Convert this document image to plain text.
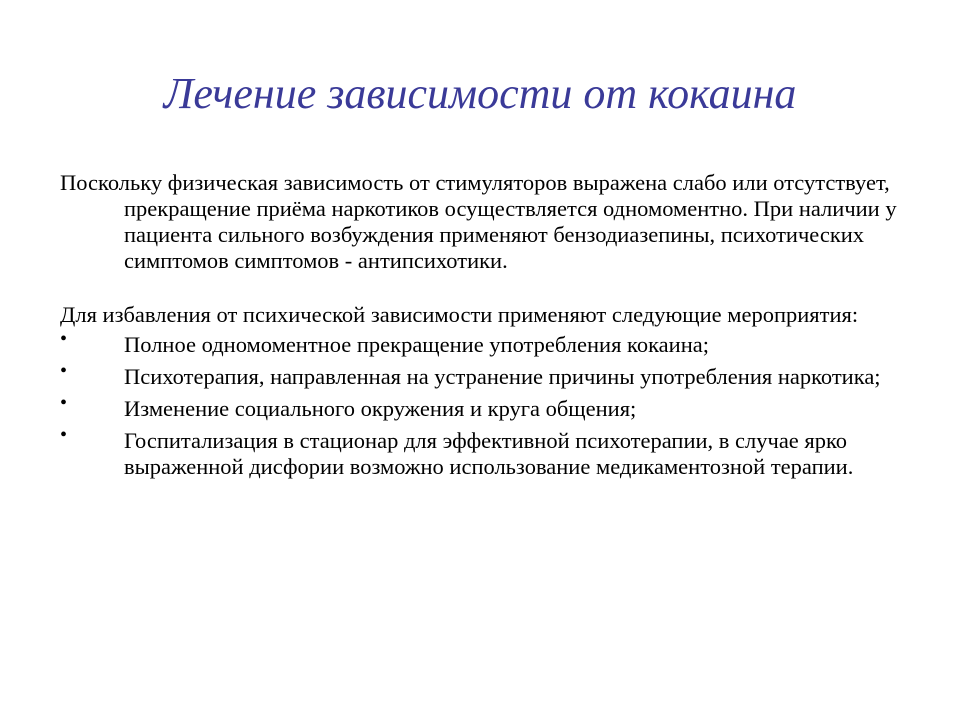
Лечение зависимости от кокаина

Поскольку физическая зависимость от стимуляторов выражена слабо или отсутствует, прекращение приёма наркотиков осуществляется одномоментно. При наличии у пациента сильного возбуждения применяют бензодиазепины, психотических симптомов симптомов - антипсихотики.

Для избавления от психической зависимости применяют следующие мероприятия:

•	Полное одномоментное прекращение употребления кокаина;
•	Психотерапия, направленная на устранение причины употребления наркотика;
•	Изменение социального окружения и круга общения;
•	Госпитализация в стационар для эффективной психотерапии, в случае ярко выраженной дисфории возможно использование медикаментозной терапии.
